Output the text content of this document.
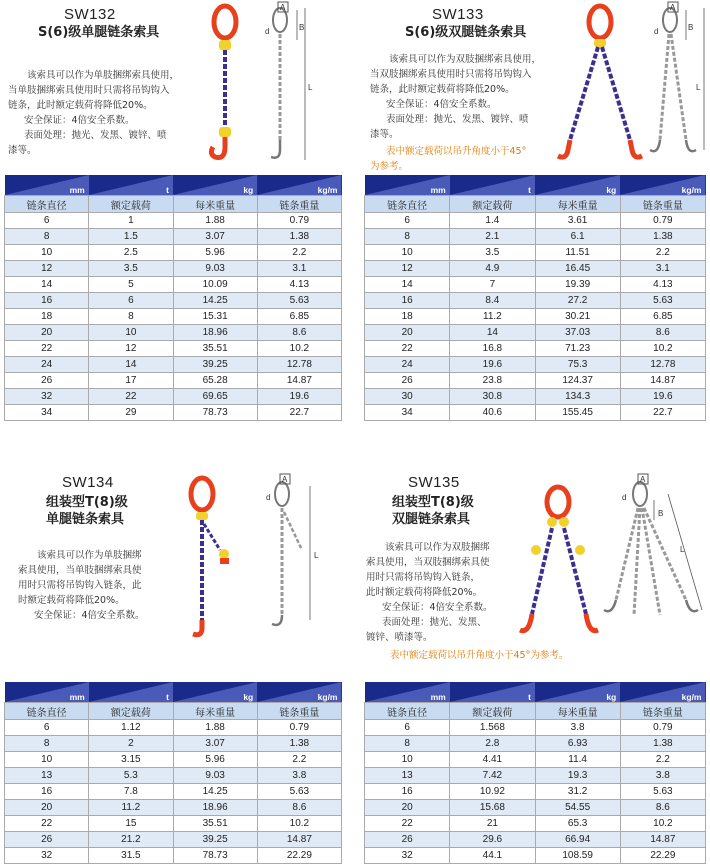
SW132
S(6)级单腿链条索具

该索具可以作为单肢捆绑索具使用，

当单肢捆绑索具使用时只需将吊钩钩入

链条，此时额定载荷将降低20%。

安全保证：4倍安全系数。

表面处理：抛光、发黑、镀锌、喷

漆等。

A
B
d
L
mm	t	kg	kg/m
链条直径	额定载荷	每米重量	链条重量
6	1	1.88	0.79
8	1.5	3.07	1.38
10	2.5	5.96	2.2
12	3.5	9.03	3.1
14	5	10.09	4.13
16	6	14.25	5.63
18	8	15.31	6.85
20	10	18.96	8.6
22	12	35.51	10.2
24	14	39.25	12.78
26	17	65.28	14.87
32	22	69.65	19.6
34	29	78.73	22.7
SW133
S(6)级双腿链条索具

该索具可以作为双肢捆绑索具使用，

当双肢捆绑索具使用时只需将吊钩钩入

链条，此时额定载荷将降低20%。

安全保证：4倍安全系数。

表面处理：抛光、发黑、镀锌、喷

漆等。

表中额定载荷以吊升角度小于45°

为参考。

A
B
d
L
mm	t	kg	kg/m
链条直径	额定载荷	每米重量	链条重量
6	1.4	3.61	0.79
8	2.1	6.1	1.38
10	3.5	11.51	2.2
12	4.9	16.45	3.1
14	7	19.39	4.13
16	8.4	27.2	5.63
18	11.2	30.21	6.85
20	14	37.03	8.6
22	16.8	71.23	10.2
24	19.6	75.3	12.78
26	23.8	124.37	14.87
30	30.8	134.3	19.6
34	40.6	155.45	22.7
SW134
组装型T(8)级
单腿链条索具

该索具可以作为单肢捆绑

索具使用，当单肢捆绑索具使

用时只需将吊钩钩入链条，此

时额定载荷将降低20%。

安全保证：4倍安全系数。

A
d
L
mm	t	kg	kg/m
链条直径	额定载荷	每米重量	链条重量
6	1.12	1.88	0.79
8	2	3.07	1.38
10	3.15	5.96	2.2
13	5.3	9.03	3.8
16	7.8	14.25	5.63
20	11.2	18.96	8.6
22	15	35.51	10.2
26	21.2	39.25	14.87
32	31.5	78.73	22.29
SW135
组装型T(8)级
双腿链条索具

该索具可以作为双肢捆绑

索具使用，当双肢捆绑索具使

用时只需将吊钩钩入链条，

此时额定载荷将降低20%。

安全保证：4倍安全系数。

表面处理：抛光、发黑、

镀锌、喷漆等。

表中额定载荷以吊升角度小于45°为参考。
A
B
d
L
mm	t	kg	kg/m
链条直径	额定载荷	每米重量	链条重量
6	1.568	3.8	0.79
8	2.8	6.93	1.38
10	4.41	11.4	2.2
13	7.42	19.3	3.8
16	10.92	31.2	5.63
20	15.68	54.55	8.6
22	21	65.3	10.2
26	29.6	66.94	14.87
32	44.1	108.59	22.29
